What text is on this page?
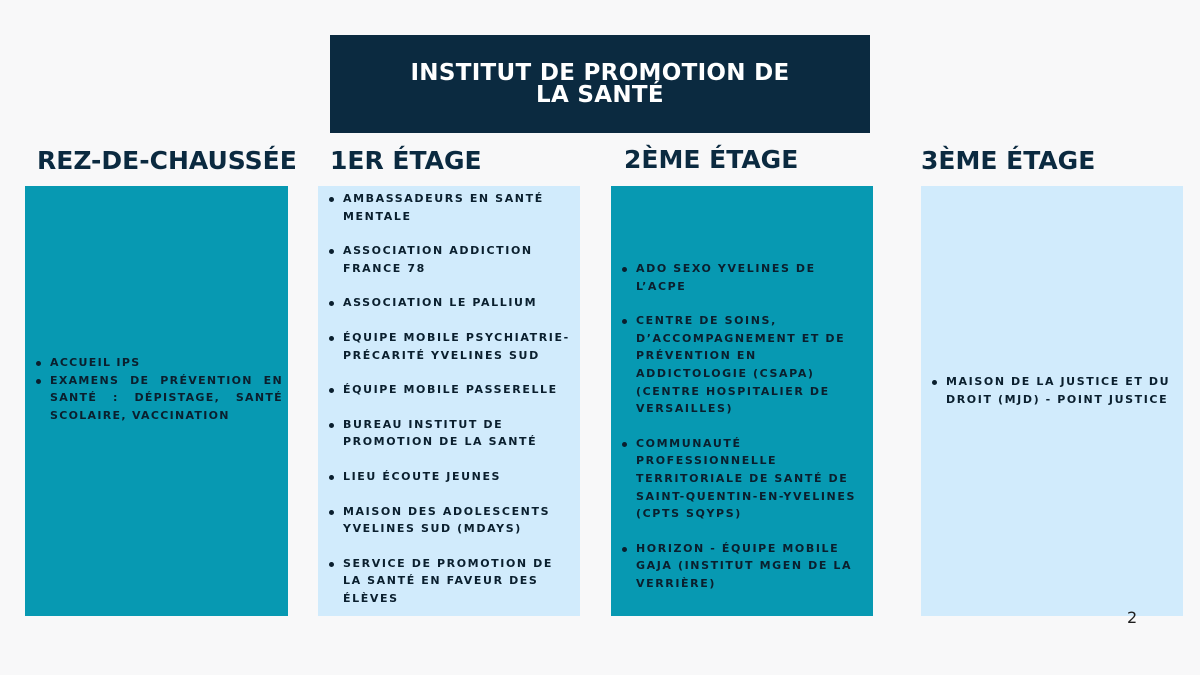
INSTITUT DE PROMOTION DE LA SANTÉ
REZ-DE-CHAUSSÉE 1ER ÉTAGE	2ÈME ÉTAGE	3ÈME ÉTAGE
ACCUEIL IPS
EXAMENS DE PRÉVENTION EN SANTÉ : DÉPISTAGE, SANTÉ SCOLAIRE, VACCINATION
AMBASSADEURS EN SANTÉ MENTALE
ASSOCIATION ADDICTION FRANCE 78
ASSOCIATION LE PALLIUM
ÉQUIPE MOBILE PSYCHIATRIE-PRÉCARITÉ YVELINES SUD
ÉQUIPE MOBILE PASSERELLE
BUREAU INSTITUT DE PROMOTION DE LA SANTÉ
LIEU ÉCOUTE JEUNES
MAISON DES ADOLESCENTS YVELINES SUD (MDAYS)
SERVICE DE PROMOTION DE LA SANTÉ EN FAVEUR DES ÉLÈVES
ADO SEXO YVELINES DE L’ACPE
CENTRE DE SOINS, D’ACCOMPAGNEMENT ET DE PRÉVENTION EN ADDICTOLOGIE (CSAPA) (CENTRE HOSPITALIER DE VERSAILLES)
COMMUNAUTÉ PROFESSIONNELLE TERRITORIALE DE SANTÉ DE SAINT-QUENTIN-EN-YVELINES (CPTS SQYPS)
HORIZON - ÉQUIPE MOBILE GAJA (INSTITUT MGEN DE LA VERRIÈRE)
MAISON DE LA JUSTICE ET DU DROIT (MJD) - POINT JUSTICE
2
